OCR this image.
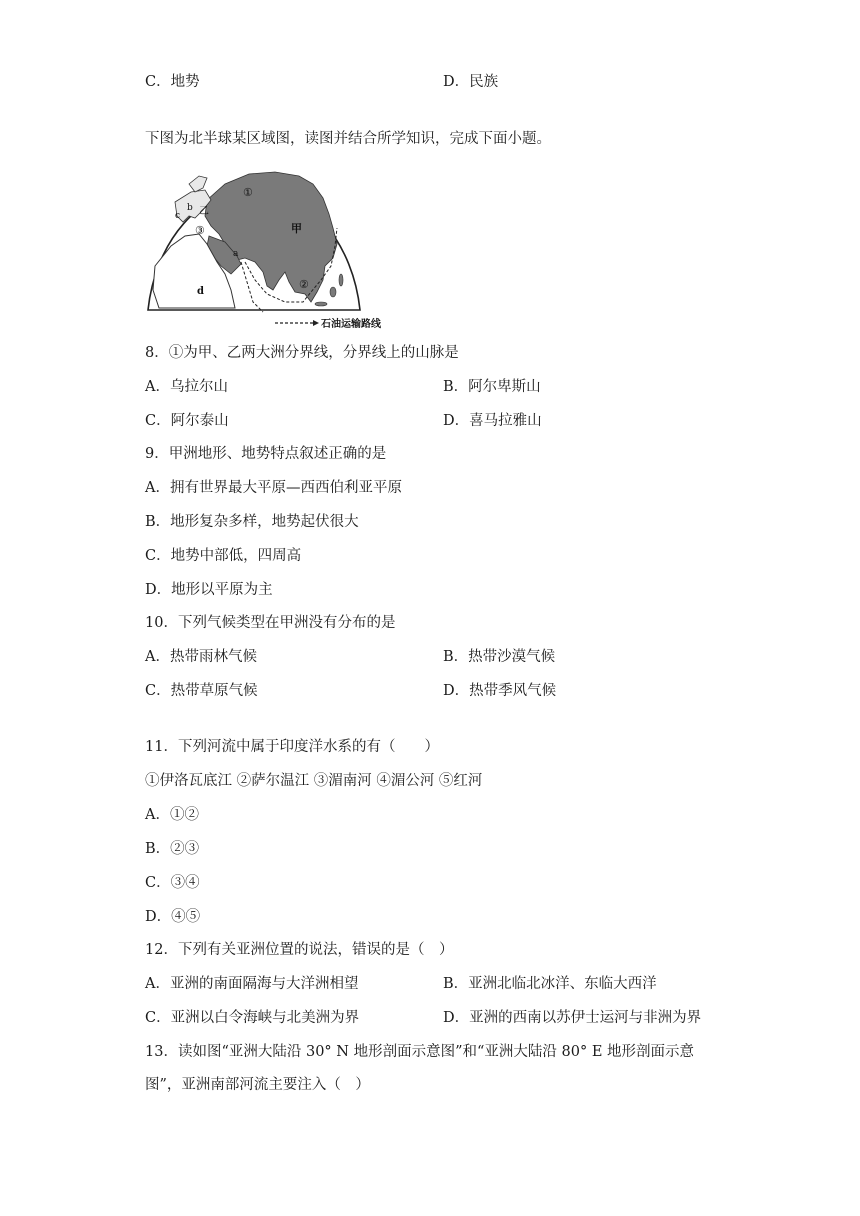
C．地势	D．民族
下图为北半球某区域图，读图并结合所学知识，完成下面小题。
甲
乙
①
②
③
a
b
c
d
石油运输路线
8．①为甲、乙两大洲分界线，分界线上的山脉是
A．乌拉尔山	B．阿尔卑斯山
C．阿尔泰山	D．喜马拉雅山
9．甲洲地形、地势特点叙述正确的是
A．拥有世界最大平原—西西伯利亚平原
B．地形复杂多样，地势起伏很大
C．地势中部低，四周高
D．地形以平原为主
10．下列气候类型在甲洲没有分布的是
A．热带雨林气候	B．热带沙漠气候
C．热带草原气候	D．热带季风气候
11．下列河流中属于印度洋水系的有（　　）
①伊洛瓦底江 ②萨尔温江 ③湄南河 ④湄公河 ⑤红河
A．①②
B．②③
C．③④
D．④⑤
12．下列有关亚洲位置的说法，错误的是（　）
A．亚洲的南面隔海与大洋洲相望	B．亚洲北临北冰洋、东临大西洋
C．亚洲以白令海峡与北美洲为界	D．亚洲的西南以苏伊士运河与非洲为界
13．读如图“亚洲大陆沿 30° N 地形剖面示意图”和“亚洲大陆沿 80° E 地形剖面示意
图”，亚洲南部河流主要注入（　）
